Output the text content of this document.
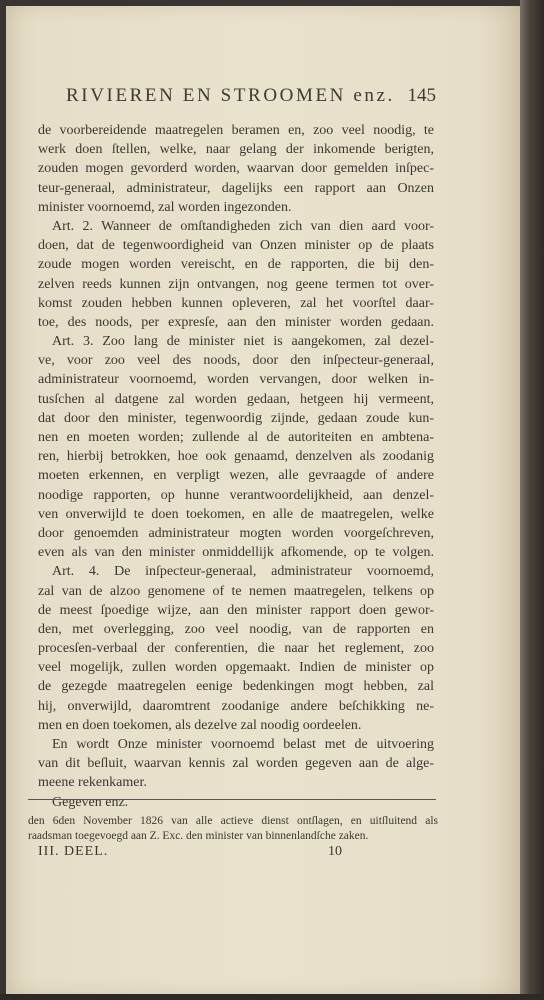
RIVIEREN EN STROOMEN enz. 145
de voorbereidende maatregelen beramen en, zoo veel noodig, te
werk doen ſtellen, welke, naar gelang der inkomende berigten,
zouden mogen gevorderd worden, waarvan door gemelden inſpec-
teur-generaal, administrateur, dagelijks een rapport aan Onzen
minister voornoemd, zal worden ingezonden.
Art. 2. Wanneer de omſtandigheden zich van dien aard voor-
doen, dat de tegenwoordigheid van Onzen minister op de plaats
zoude mogen worden vereischt, en de rapporten, die bij den-
zelven reeds kunnen zijn ontvangen, nog geene termen tot over-
komst zouden hebben kunnen opleveren, zal het voorſtel daar-
toe, des noods, per expresſe, aan den minister worden gedaan.
Art. 3. Zoo lang de minister niet is aangekomen, zal dezel-
ve, voor zoo veel des noods, door den inſpecteur-generaal,
administrateur voornoemd, worden vervangen, door welken in-
tusſchen al datgene zal worden gedaan, hetgeen hij vermeent,
dat door den minister, tegenwoordig zijnde, gedaan zoude kun-
nen en moeten worden; zullende al de autoriteiten en ambtena-
ren, hierbij betrokken, hoe ook genaamd, denzelven als zoodanig
moeten erkennen, en verpligt wezen, alle gevraagde of andere
noodige rapporten, op hunne verantwoordelijkheid, aan denzel-
ven onverwijld te doen toekomen, en alle de maatregelen, welke
door genoemden administrateur mogten worden voorgeſchreven,
even als van den minister onmiddellijk afkomende, op te volgen.
Art. 4. De inſpecteur-generaal, administrateur voornoemd,
zal van de alzoo genomene of te nemen maatregelen, telkens op
de meest ſpoedige wijze, aan den minister rapport doen gewor-
den, met overlegging, zoo veel noodig, van de rapporten en
procesſen-verbaal der conferentien, die naar het reglement, zoo
veel mogelijk, zullen worden opgemaakt. Indien de minister op
de gezegde maatregelen eenige bedenkingen mogt hebben, zal
hij, onverwijld, daaromtrent zoodanige andere beſchikking ne-
men en doen toekomen, als dezelve zal noodig oordeelen.
En wordt Onze minister voornoemd belast met de uitvoering
van dit beſluit, waarvan kennis zal worden gegeven aan de alge-
meene rekenkamer.
Gegeven enz.
den 6den November 1826 van alle actieve dienst ontſlagen, en uitſluitend als
raadsman toegevoegd aan Z. Exc. den minister van binnenlandſche zaken.
III. DEEL.	10
